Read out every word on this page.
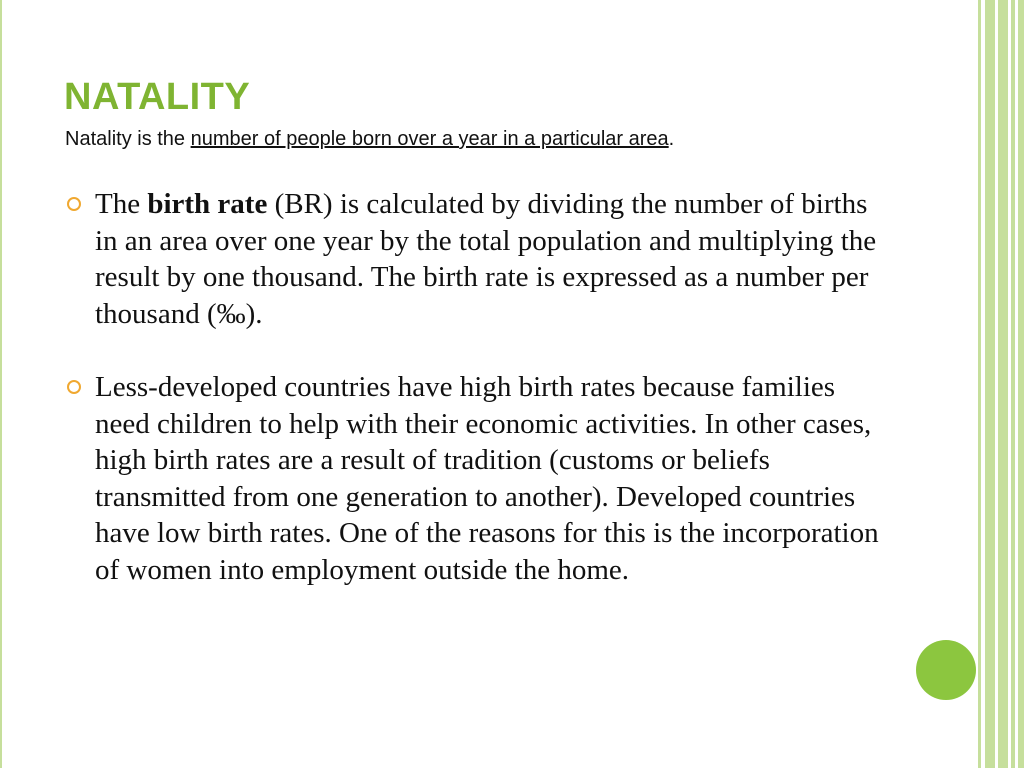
NATALITY

Natality is the number of people born over a year in a particular area.

The birth rate (BR) is calculated by dividing the number of births in an area over one year by the total population and multiplying the result by one thousand. The birth rate is expressed as a number per thousand (‰).
Less-developed countries have high birth rates because families need children to help with their economic activities. In other cases, high birth rates are a result of tradition (customs or beliefs transmitted from one generation to another). Developed countries have low birth rates. One of the reasons for this is the incorporation of women into employment outside the home.
